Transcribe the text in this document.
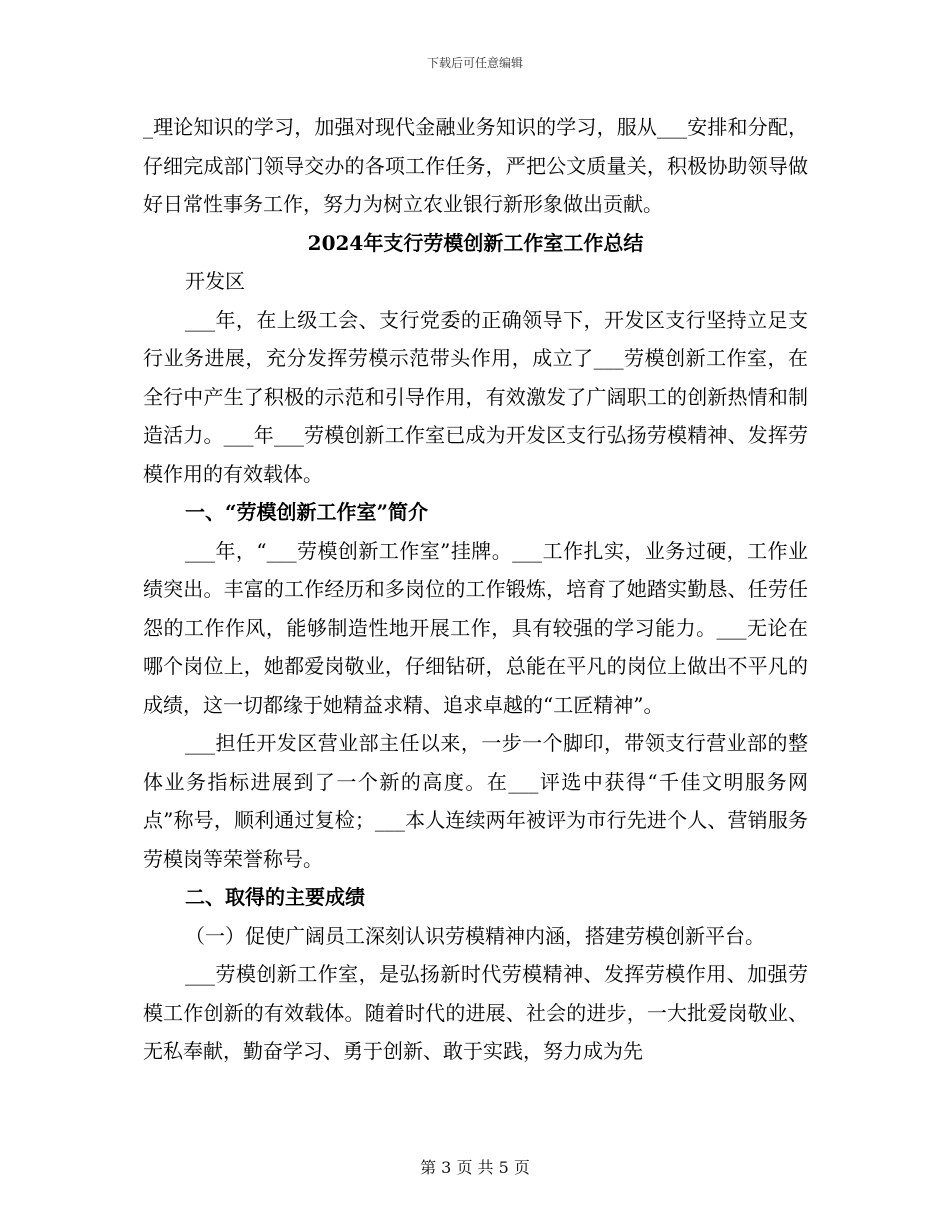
下载后可任意编辑

_理论知识的学习，加强对现代金融业务知识的学习，服从___安排和分配，仔细完成部门领导交办的各项工作任务，严把公文质量关，积极协助领导做好日常性事务工作，努力为树立农业银行新形象做出贡献。

2024年支行劳模创新工作室工作总结

开发区

___年，在上级工会、支行党委的正确领导下，开发区支行坚持立足支行业务进展，充分发挥劳模示范带头作用，成立了___劳模创新工作室，在全行中产生了积极的示范和引导作用，有效激发了广阔职工的创新热情和制造活力。___年___劳模创新工作室已成为开发区支行弘扬劳模精神、发挥劳模作用的有效载体。

一、“劳模创新工作室”简介

___年，“___劳模创新工作室”挂牌。___工作扎实，业务过硬，工作业绩突出。丰富的工作经历和多岗位的工作锻炼，培育了她踏实勤恳、任劳任怨的工作作风，能够制造性地开展工作，具有较强的学习能力。___无论在哪个岗位上，她都爱岗敬业，仔细钻研，总能在平凡的岗位上做出不平凡的成绩，这一切都缘于她精益求精、追求卓越的“工匠精神”。

___担任开发区营业部主任以来，一步一个脚印，带领支行营业部的整体业务指标进展到了一个新的高度。在___评选中获得“千佳文明服务网点”称号，顺利通过复检；___本人连续两年被评为市行先进个人、营销服务劳模岗等荣誉称号。

二、取得的主要成绩

（一）促使广阔员工深刻认识劳模精神内涵，搭建劳模创新平台。

___劳模创新工作室，是弘扬新时代劳模精神、发挥劳模作用、加强劳模工作创新的有效载体。随着时代的进展、社会的进步，一大批爱岗敬业、无私奉献，勤奋学习、勇于创新、敢于实践，努力成为先

第 3 页 共 5 页
